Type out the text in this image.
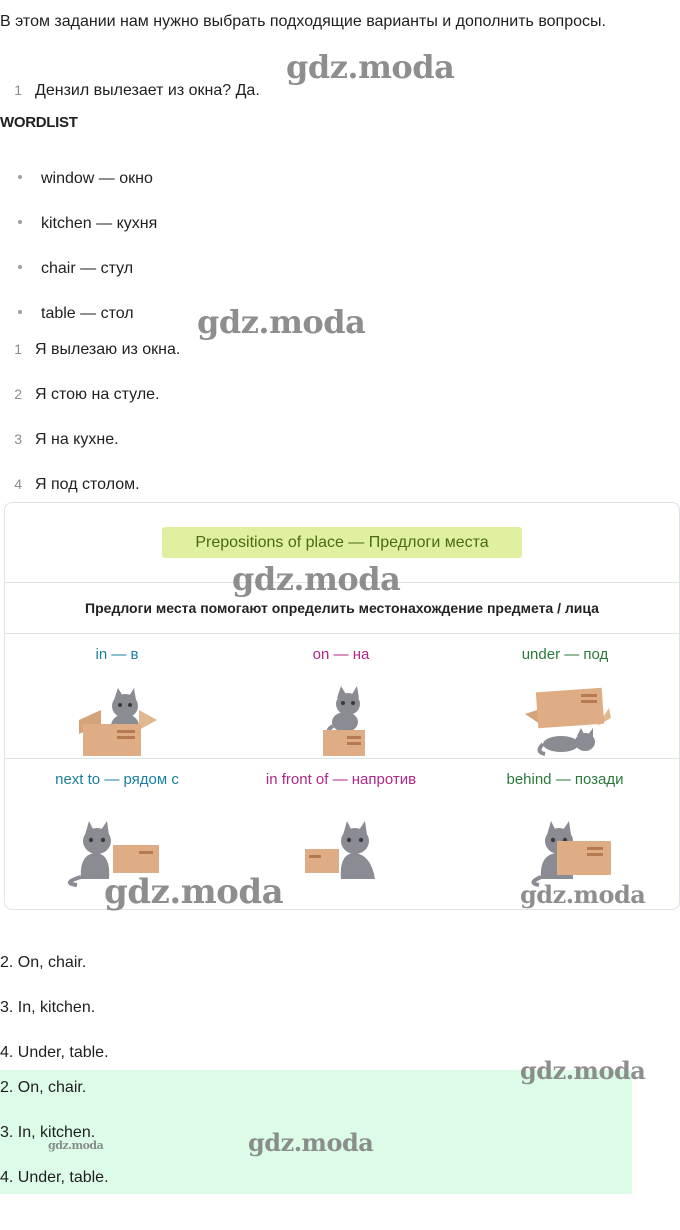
В этом задании нам нужно выбрать подходящие варианты и дополнить вопросы.
1 Дензил вылезает из окна? Да.
WORDLIST
window — окно
kitchen — кухня
chair — стул
table — стол
1 Я вылезаю из окна.
2 Я стою на стуле.
3 Я на кухне.
4 Я под столом.
Prepositions of place — Предлоги места
Предлоги места помогают определить местонахождение предмета / лица
in — в	on — на	under — под
next to — рядом с	in front of — напротив	behind — позади
2. On, chair.
3. In, kitchen.
4. Under, table.
2. On, chair.
3. In, kitchen.
4. Under, table.
gdz.moda
gdz.moda
gdz.moda
gdz.moda	gdz.moda
gdz.moda
gdz.moda
gdz.moda
